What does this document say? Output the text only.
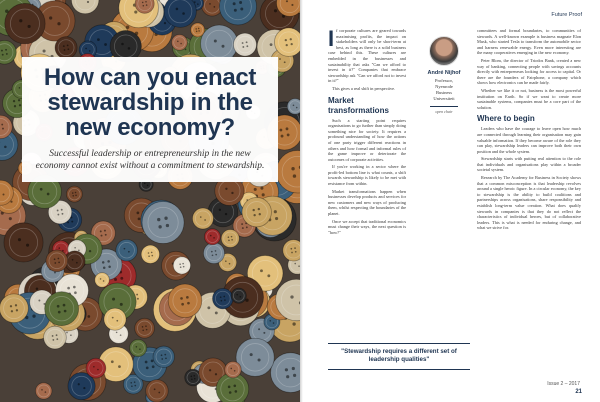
How can you enact stewardship in the new economy?

Successful leadership or entrepreneurship in the new economy cannot exist without a commitment to stewardship.

Future Proof

If corporate cultures are geared towards maximising profits, the impact on stakeholders will only be short-term at best, as long as there is a solid business case behind this. These cultures are embedded in the businesses and sustainability that asks "Can we afford to invest in it?" Companies that embrace stewardship ask "Can we afford not to invest in it?"

This gives a real shift in perspective.

Market transformations

Such a starting point requires organisations to go further than simply doing something nice for society. It requires a profound understanding of how the actions of one party trigger different reactions in others and how formal and informal rules of the game improve or deteriorate the outcomes of corporate activities.

If you're working in a sector where the profit-led bottom line is what counts, a shift towards stewardship is likely to be met with resistance from within.

Market transformations happen when businesses develop products and services for new customers and new ways of producing them, whilst respecting the boundaries of the planet.

Once we accept that traditional economics must change their ways, the next question is "how?"

André Nijhof
Professor,
Nyenrode
Business
Universiteit
open chair

committees and formal boundaries, to communities of stewards. A well-known example is business magnate Elon Musk, who started Tesla to transform the automobile sector and harness renewable energy. Even more interesting are the many cooperatives emerging in the new economy.

Peter Blom, the director of Triodos Bank, created a new way of banking, connecting people with savings accounts directly with entrepreneurs looking for access to capital. Or there are the founders of Fairphone, a company which shows how electronics can be made fairly.

Whether we like it or not, business is the most powerful institution on Earth. So if we want to create more sustainable systems, companies must be a core part of the solution.

Where to begin

Leaders who have the courage to leave open how much are connected through learning their organisation may gain valuable information. If they become aware of the role they can play, stewardship leaders can improve both their own position and the whole system.

Stewardship starts with putting real attention to the role that individuals and organisations play within a broader societal system.

Research by The Academy for Business in Society shows that a common misconception is that leadership revolves around a single heroic figure. In a circular economy, the key to stewardship is the ability to build coalitions and partnerships across organisations, share responsibility and establish long-term value creation. What does qualify stewards in companies is that they do not reflect the characteristics of individual heroes, but of collaborative leaders. This is what is needed for enduring change, and what we strive for.

"Stewardship requires a different set of leadership qualities"
Issue 2 – 2017
21
